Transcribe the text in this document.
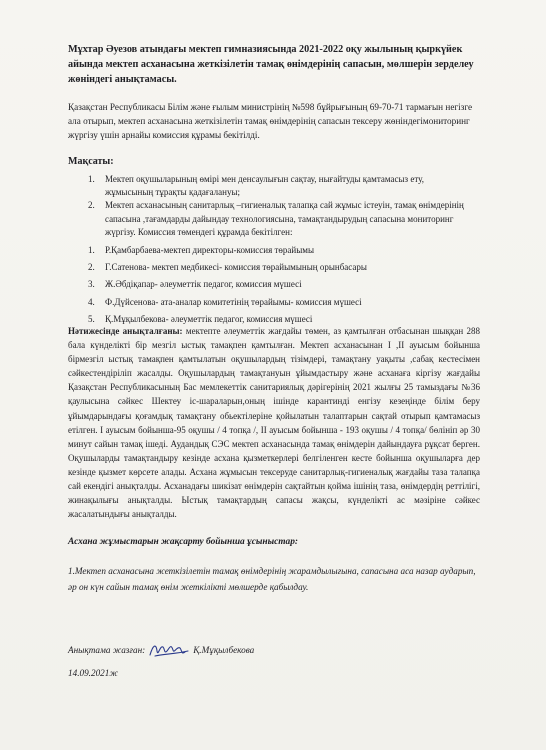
Мұхтар Әуезов атындағы мектеп гимназиясында 2021-2022 оқу жылының қыркүйек айында мектеп асханасына жеткізілетін тамақ өнімдерінің сапасын, мөлшерін зерделеу жөніндегі анықтамасы.
Қазақстан Республикасы Білім және ғылым министрінің №598 бұйрығының 69-70-71 тармағын негізге ала отырып, мектеп асханасына жеткізілетін тамақ өнімдерінің сапасын тексеру жөніндегімониторинг жүргізу үшін арнайы комиссия құрамы бекітілді.
Мақсаты:
1.	Мектеп оқушыларының өмірі мен денсаулығын сақтау, нығайтуды қамтамасыз ету, жұмысының тұрақты қадағалануы;
2.	Мектеп асханасының санитарлық –гигиеналық талапқа сай жұмыс істеуін, тамақ өнімдерінің сапасына ,тағамдарды дайындау технологиясына, тамақтандырудың сапасына мониторинг жүргізу. Комиссия төмендегі құрамда бекітілген:
1.	Р.Қамбарбаева-мектеп директоры-комиссия төрайымы
2.	Г.Сатенова- мектеп медбикесі- комиссия төрайымының орынбасары
3.	Ж.Әбдіқапар- әлеуметтік педагог, комиссия мүшесі
4.	Ф.Дүйсенова- ата-аналар комитетінің төрайымы- комиссия мүшесі
5.	Қ.Мұқылбекова- әлеуметтік педагог, комиссия мүшесі
Нәтижесінде анықталғаны: мектепте әлеуметтік жағдайы төмен, аз қамтылған отбасынан шыққан 288 бала күнделікті бір мезгіл ыстық тамақпен қамтылған. Мектеп асханасынан I ,II ауысым бойынша бірмезгіл ыстық тамақпен қамтылатын оқушылардың тізімдері, тамақтану уақыты ,сабақ кестесімен сәйкестендіріліп жасалды. Оқушылардың тамақтануын ұйымдастыру және асханаға кіргізу жағдайы Қазақстан Республикасының Бас мемлекеттік санитариялық дәрігерінің 2021 жылғы 25 тамыздағы №36 қаулысына сәйкес Шектеу іс-шараларын,оның ішінде карантинді енгізу кезеңінде білім беру ұйымдарындағы қоғамдық тамақтану обьектілеріне қойылатын талаптарын сақтай отырып қамтамасыз етілген. I ауысым бойынша-95 оқушы / 4 топқа /, II ауысым бойынша - 193 оқушы / 4 топқа/ бөлініп әр 30 минут сайын тамақ ішеді. Аудандық СЭС мектеп асханасында тамақ өнімдерін дайындауға рұқсат берген. Оқушыларды тамақтандыру кезінде асхана қызметкерлері белгіленген кесте бойынша оқушыларға дер кезінде қызмет көрсете алады. Асхана жұмысын тексеруде санитарлық-гигиеналық жағдайы таза талапқа сай екендігі анықталды. Асханадағы шикізат өнімдерін сақтайтын қойма ішінің таза, өнімдердің реттілігі, жинақылығы анықталды. Ыстық тамақтардың сапасы жақсы, күнделікті ас мәзіріне сәйкес жасалатындығы анықталды.
Асхана жұмыстарын жақсарту бойынша ұсыныстар:
1.Мектеп асханасына жеткізілетін тамақ өнімдерінің жарамдылығына, сапасына аса назар аударып, әр он күн сайын тамақ өнім жеткілікті мөлшерде қабылдау.
Анықтама жазған:	Қ.Мұқылбекова
14.09.2021ж
